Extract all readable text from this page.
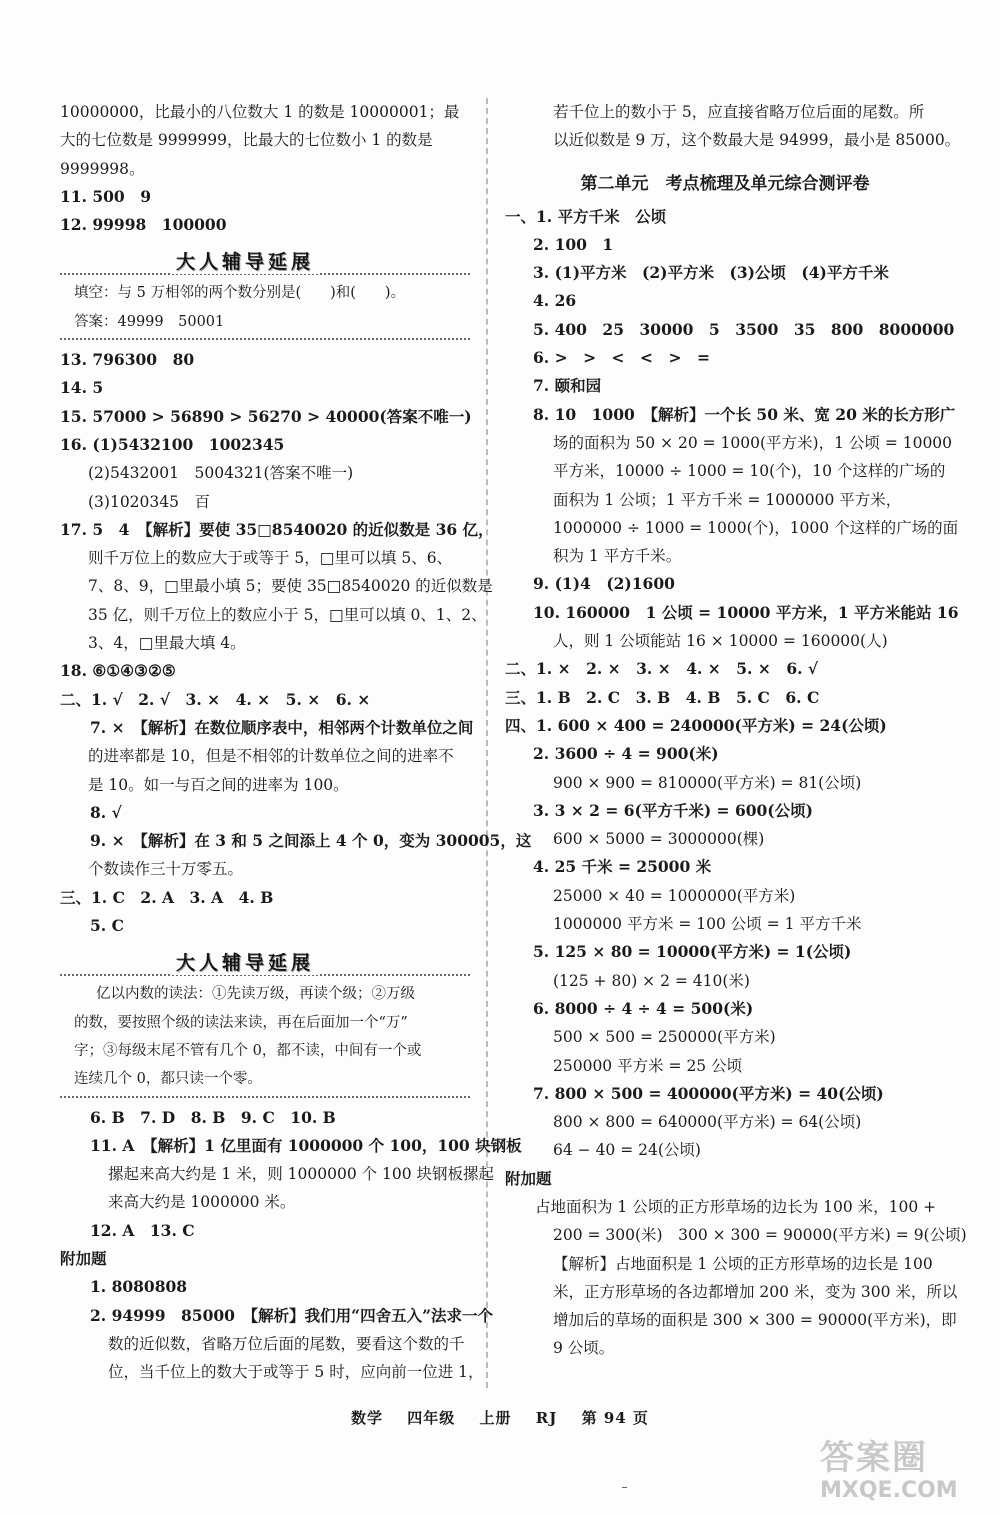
10000000，比最小的八位数大 1 的数是 10000001；最
大的七位数是 9999999，比最大的七位数小 1 的数是
9999998。
11. 500　9
12. 99998　100000
大人辅导延展
填空：与 5 万相邻的两个数分别是(　　)和(　　)。
答案：49999　50001
13. 796300　80
14. 5
15. 57000 > 56890 > 56270 > 40000(答案不唯一)
16. (1)5432100　1002345
(2)5432001　5004321(答案不唯一)
(3)1020345　百
17. 5　4　【解析】要使 35□8540020 的近似数是 36 亿，
则千万位上的数应大于或等于 5，□里可以填 5、6、
7、8、9，□里最小填 5；要使 35□8540020 的近似数是
35 亿，则千万位上的数应小于 5，□里可以填 0、1、2、
3、4，□里最大填 4。
18. ⑥①④③②⑤
二、1. √　2. √　3. ×　4. ×　5. ×　6. ×
7. ×　【解析】在数位顺序表中，相邻两个计数单位之间
的进率都是 10，但是不相邻的计数单位之间的进率不
是 10。如一与百之间的进率为 100。
8. √
9. ×　【解析】在 3 和 5 之间添上 4 个 0，变为 300005，这
个数读作三十万零五。
三、1. C　2. A　3. A　4. B
5. C
大人辅导延展
亿以内数的读法：①先读万级，再读个级；②万级
的数，要按照个级的读法来读，再在后面加一个“万”
字；③每级末尾不管有几个 0，都不读，中间有一个或
连续几个 0，都只读一个零。
6. B　7. D　8. B　9. C　10. B
11. A　【解析】1 亿里面有 1000000 个 100，100 块钢板
摞起来高大约是 1 米，则 1000000 个 100 块钢板摞起
来高大约是 1000000 米。
12. A　13. C
附加题
1. 8080808
2. 94999　85000　【解析】我们用“四舍五入”法求一个
数的近似数，省略万位后面的尾数，要看这个数的千
位，当千位上的数大于或等于 5 时，应向前一位进 1，
若千位上的数小于 5，应直接省略万位后面的尾数。所
以近似数是 9 万，这个数最大是 94999，最小是 85000。
第二单元　考点梳理及单元综合测评卷
一、1. 平方千米　公顷
2. 100　1
3. (1)平方米　(2)平方米　(3)公顷　(4)平方千米
4. 26
5. 400　25　30000　5　3500　35　800　8000000
6. >　>　<　<　>　=
7. 颐和园
8. 10　1000　【解析】一个长 50 米、宽 20 米的长方形广
场的面积为 50 × 20 = 1000(平方米)，1 公顷 = 10000
平方米，10000 ÷ 1000 = 10(个)，10 个这样的广场的
面积为 1 公顷；1 平方千米 = 1000000 平方米，
1000000 ÷ 1000 = 1000(个)，1000 个这样的广场的面
积为 1 平方千米。
9. (1)4　(2)1600
10. 160000　1 公顷 = 10000 平方米，1 平方米能站 16
人，则 1 公顷能站 16 × 10000 = 160000(人)
二、1. ×　2. ×　3. ×　4. ×　5. ×　6. √
三、1. B　2. C　3. B　4. B　5. C　6. C
四、1. 600 × 400 = 240000(平方米) = 24(公顷)
2. 3600 ÷ 4 = 900(米)
900 × 900 = 810000(平方米) = 81(公顷)
3. 3 × 2 = 6(平方千米) = 600(公顷)
600 × 5000 = 3000000(棵)
4. 25 千米 = 25000 米
25000 × 40 = 1000000(平方米)
1000000 平方米 = 100 公顷 = 1 平方千米
5. 125 × 80 = 10000(平方米) = 1(公顷)
(125 + 80) × 2 = 410(米)
6. 8000 ÷ 4 ÷ 4 = 500(米)
500 × 500 = 250000(平方米)
250000 平方米 = 25 公顷
7. 800 × 500 = 400000(平方米) = 40(公顷)
800 × 800 = 640000(平方米) = 64(公顷)
64 − 40 = 24(公顷)
附加题
占地面积为 1 公顷的正方形草场的边长为 100 米，100 +
200 = 300(米)　300 × 300 = 90000(平方米) = 9(公顷)
【解析】占地面积是 1 公顷的正方形草场的边长是 100
米，正方形草场的各边都增加 200 米，变为 300 米，所以
增加后的草场的面积是 300 × 300 = 90000(平方米)，即
9 公顷。
数学 四年级 上册 RJ 第 94 页
答案圈
MXQE.COM
